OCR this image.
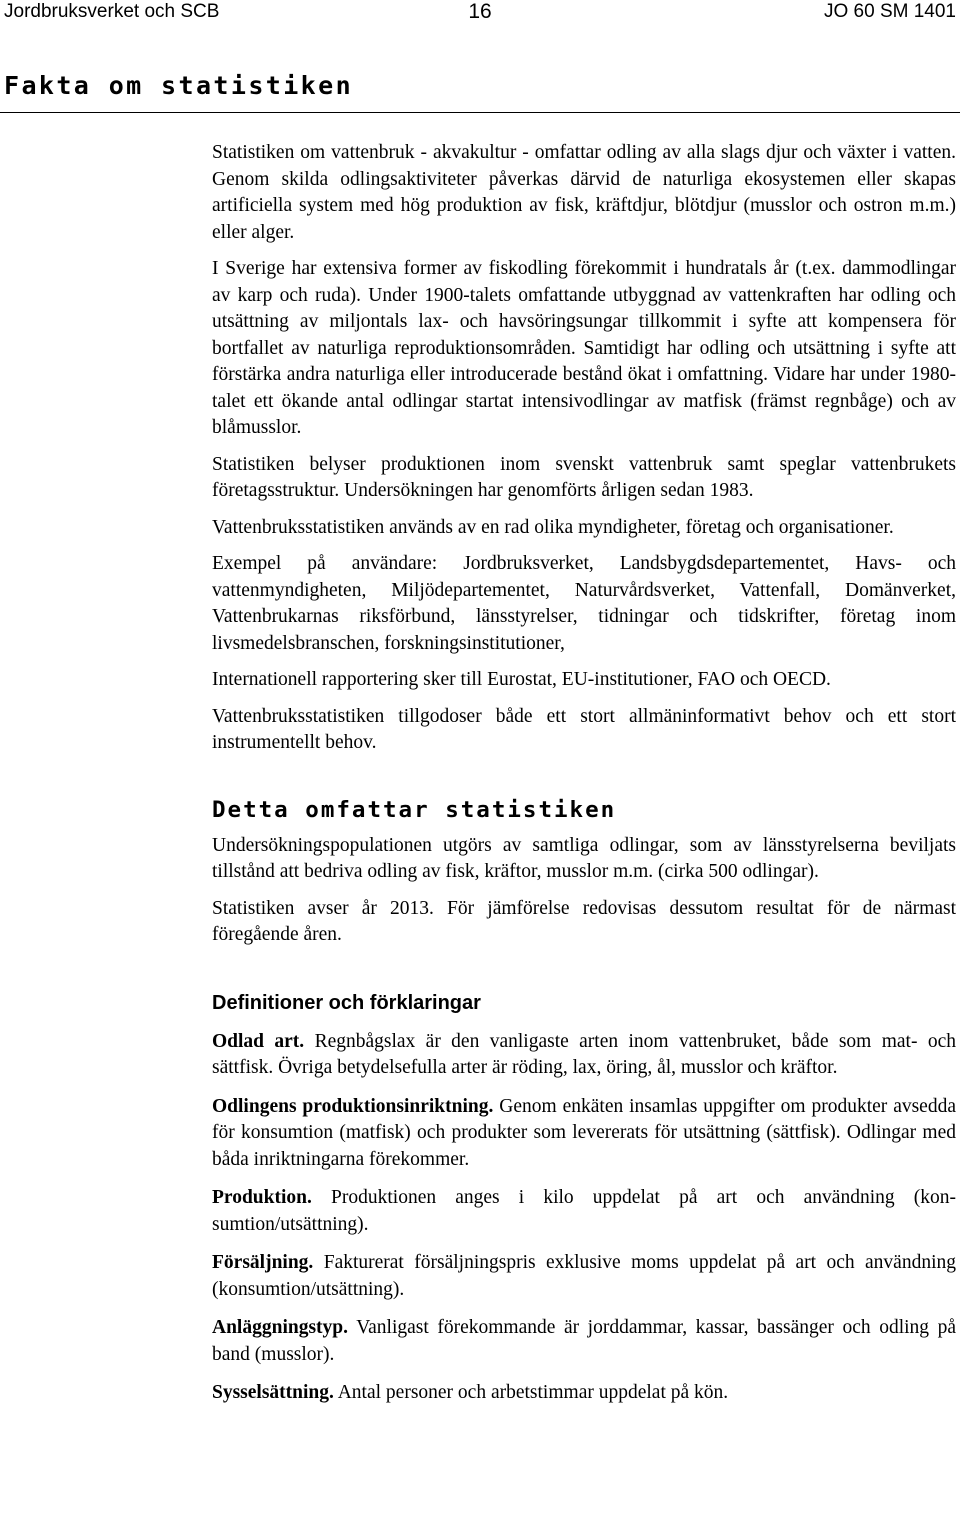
Jordbruksverket och SCB	16	JO 60 SM 1401
Fakta om statistiken

Statistiken om vattenbruk - akvakultur - omfattar odling av alla slags djur och växter i vatten. Genom skilda odlingsaktiviteter påverkas därvid de naturliga ekosystemen eller skapas artificiella system med hög produktion av fisk, kräftdjur, blötdjur (musslor och ostron m.m.) eller alger.

I Sverige har extensiva former av fiskodling förekommit i hundratals år (t.ex. dammodlingar av karp och ruda). Under 1900-talets omfattande utbyggnad av vattenkraften har odling och utsättning av miljontals lax- och havsöringsungar tillkommit i syfte att kompensera för bortfallet av naturliga reproduktionsområden. Samtidigt har odling och utsättning i syfte att förstärka andra naturliga eller introducerade bestånd ökat i omfattning. Vidare har under 1980-talet ett ökande antal odlingar startat intensivodlingar av matfisk (främst regnbåge) och av blåmusslor.

Statistiken belyser produktionen inom svenskt vattenbruk samt speglar vattenbrukets företagsstruktur. Undersökningen har genomförts årligen sedan 1983.

Vattenbruksstatistiken används av en rad olika myndigheter, företag och organisationer.

Exempel på användare: Jordbruksverket, Landsbygdsdepartementet, Havs- och vattenmyndigheten, Miljödepartementet, Naturvårdsverket, Vattenfall, Domänverket, Vattenbrukarnas riksförbund, länsstyrelser, tidningar och tidskrifter, företag inom livsmedelsbranschen, forskningsinstitutioner,

Internationell rapportering sker till Eurostat, EU-institutioner, FAO och OECD.

Vattenbruksstatistiken tillgodoser både ett stort allmäninformativt behov och ett stort instrumentellt behov.

Detta omfattar statistiken

Undersökningspopulationen utgörs av samtliga odlingar, som av länsstyrelserna beviljats tillstånd att bedriva odling av fisk, kräftor, musslor m.m. (cirka 500 odlingar).

Statistiken avser år 2013. För jämförelse redovisas dessutom resultat för de närmast föregående åren.

Definitioner och förklaringar

Odlad art. Regnbågslax är den vanligaste arten inom vattenbruket, både som mat- och sättfisk. Övriga betydelsefulla arter är röding, lax, öring, ål, musslor och kräftor.

Odlingens produktionsinriktning. Genom enkäten insamlas uppgifter om produkter avsedda för konsumtion (matfisk) och produkter som levererats för utsättning (sättfisk). Odlingar med båda inriktningarna förekommer.

Produktion. Produktionen anges i kilo uppdelat på art och användning (konsumtion/utsättning).

Försäljning. Fakturerat försäljningspris exklusive moms uppdelat på art och användning (konsumtion/utsättning).

Anläggningstyp. Vanligast förekommande är jorddammar, kassar, bassänger och odling på band (musslor).

Sysselsättning. Antal personer och arbetstimmar uppdelat på kön.
